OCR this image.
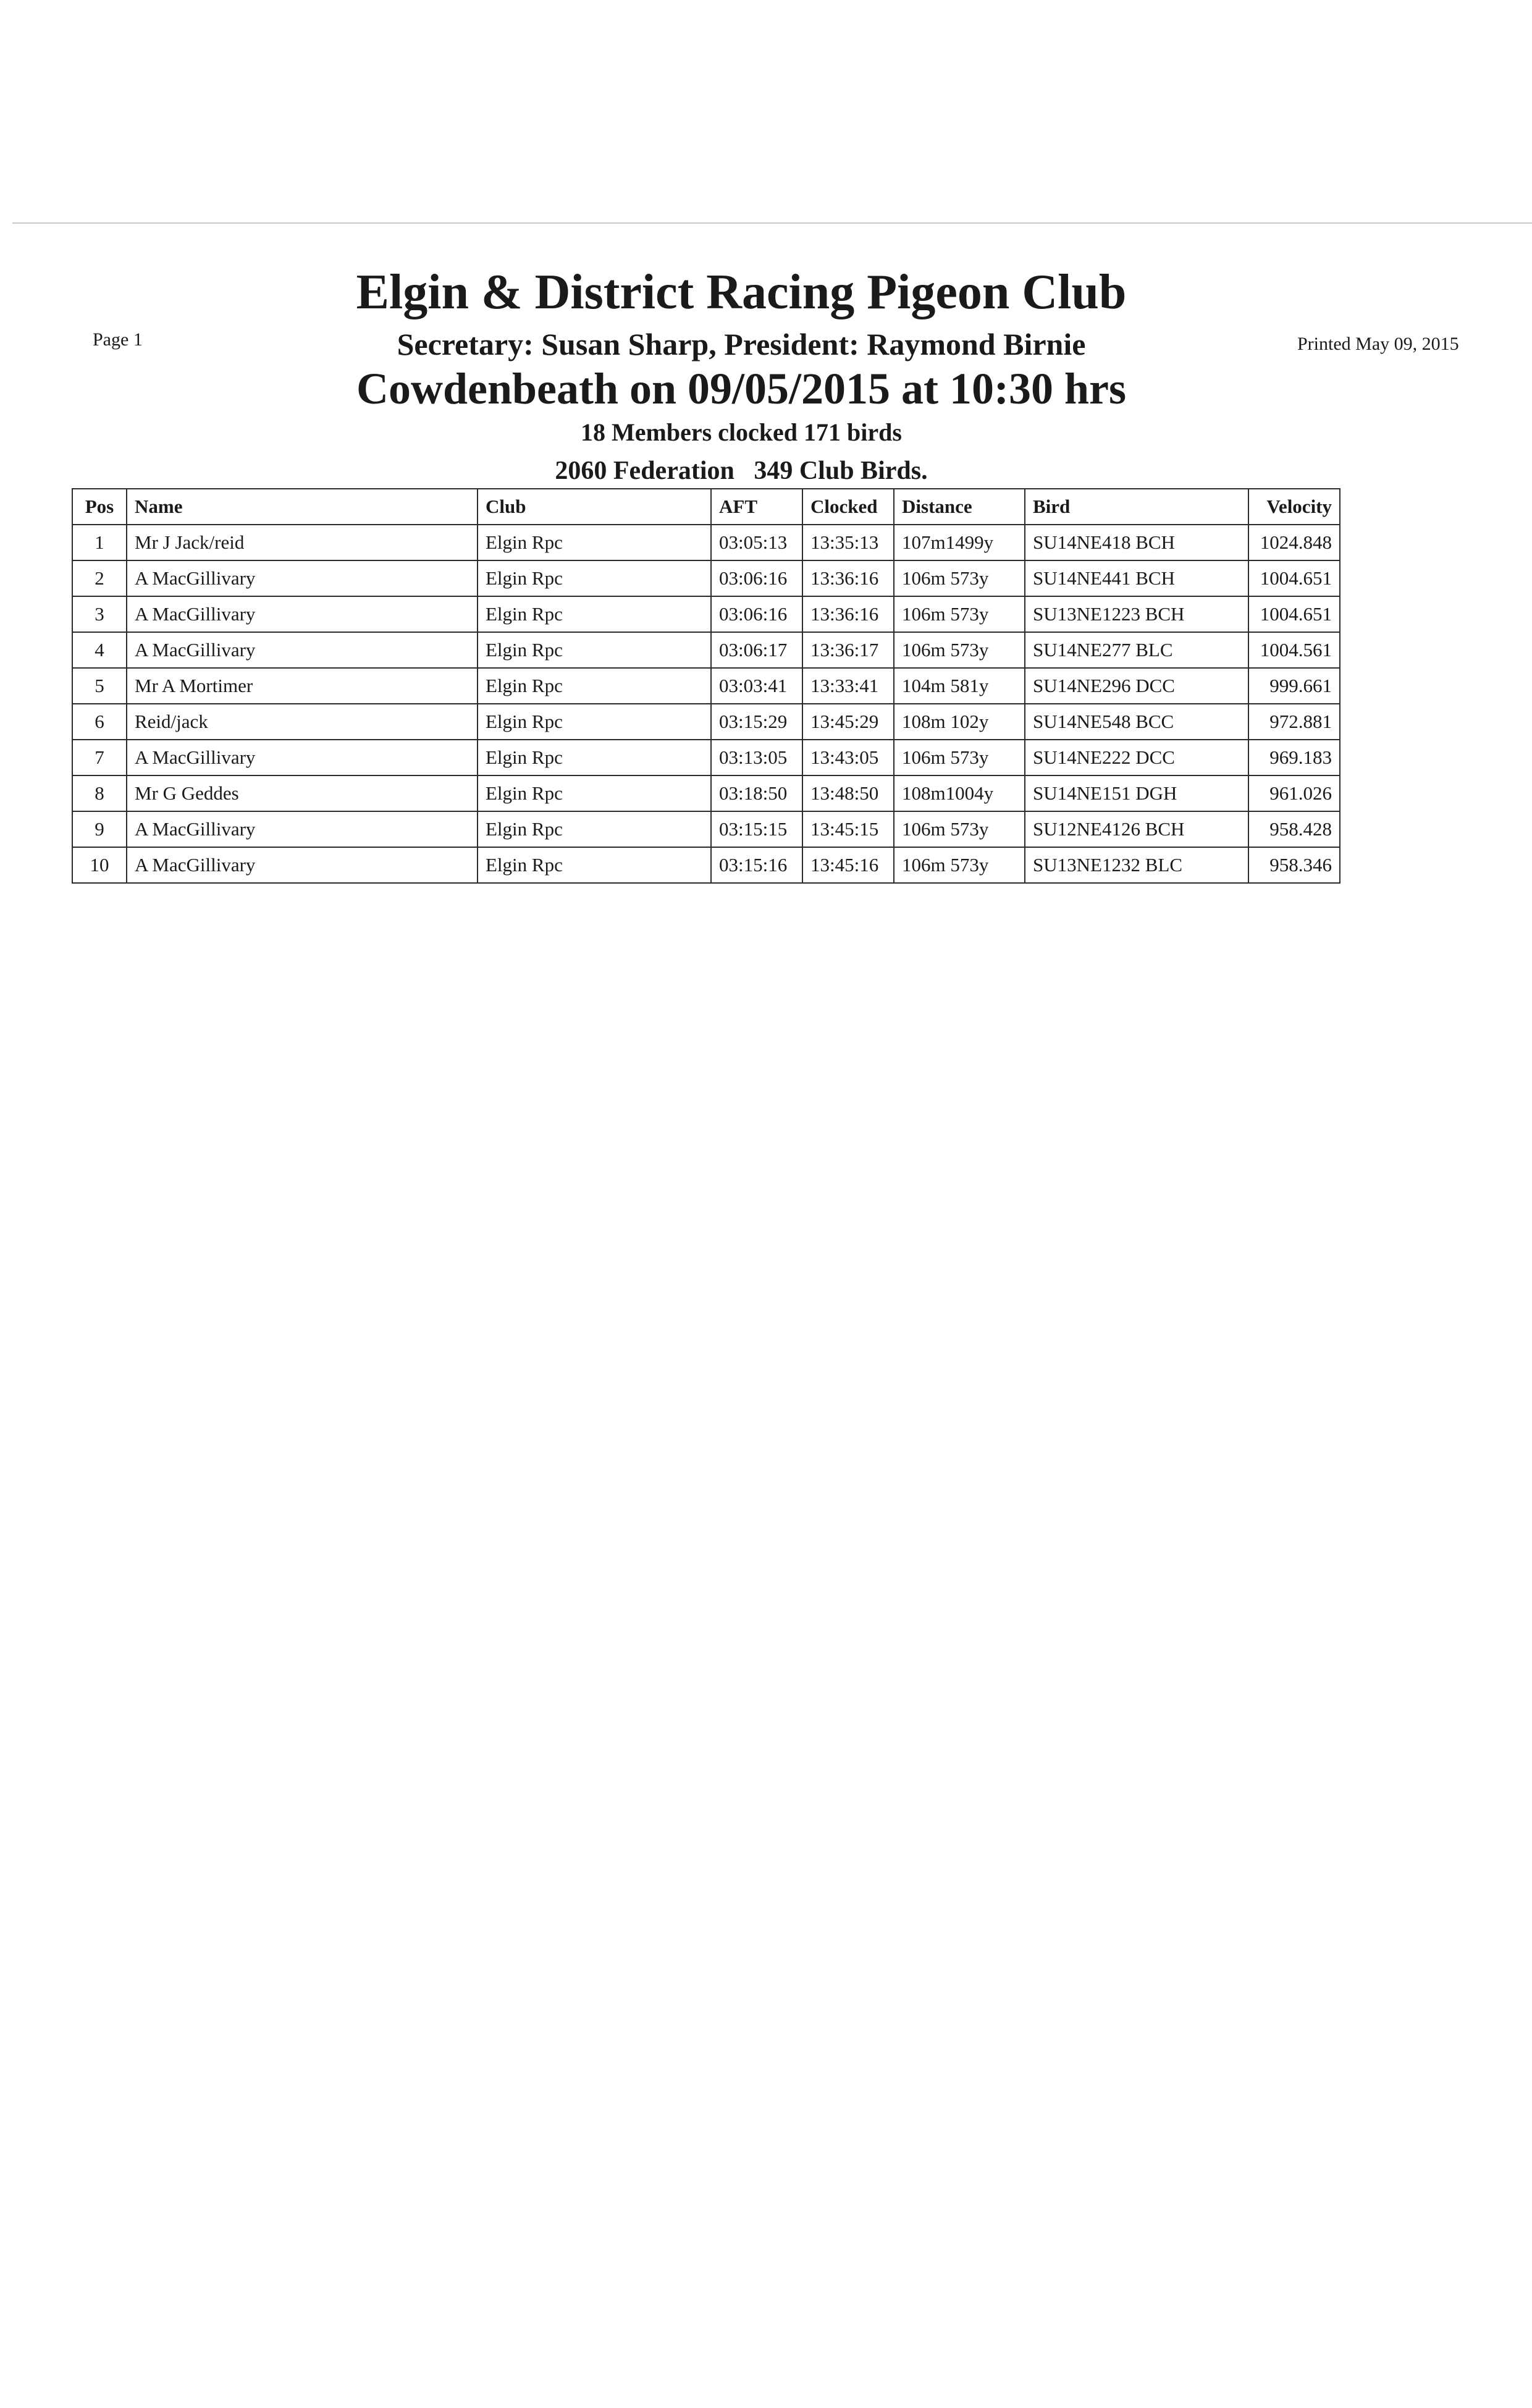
Page 1	Printed May 09, 2015
Elgin & District Racing Pigeon Club
Secretary: Susan Sharp, President: Raymond Birnie
Cowdenbeath on 09/05/2015 at 10:30 hrs
18 Members clocked 171 birds
2060 Federation   349 Club Birds.
Pos	Name	Club	AFT	Clocked	Distance	Bird	Velocity
1	Mr J Jack/reid	Elgin Rpc	03:05:13	13:35:13	107m1499y	SU14NE418 BCH	1024.848
2	A MacGillivary	Elgin Rpc	03:06:16	13:36:16	106m 573y	SU14NE441 BCH	1004.651
3	A MacGillivary	Elgin Rpc	03:06:16	13:36:16	106m 573y	SU13NE1223 BCH	1004.651
4	A MacGillivary	Elgin Rpc	03:06:17	13:36:17	106m 573y	SU14NE277 BLC	1004.561
5	Mr A Mortimer	Elgin Rpc	03:03:41	13:33:41	104m 581y	SU14NE296 DCC	999.661
6	Reid/jack	Elgin Rpc	03:15:29	13:45:29	108m 102y	SU14NE548 BCC	972.881
7	A MacGillivary	Elgin Rpc	03:13:05	13:43:05	106m 573y	SU14NE222 DCC	969.183
8	Mr G Geddes	Elgin Rpc	03:18:50	13:48:50	108m1004y	SU14NE151 DGH	961.026
9	A MacGillivary	Elgin Rpc	03:15:15	13:45:15	106m 573y	SU12NE4126 BCH	958.428
10	A MacGillivary	Elgin Rpc	03:15:16	13:45:16	106m 573y	SU13NE1232 BLC	958.346
